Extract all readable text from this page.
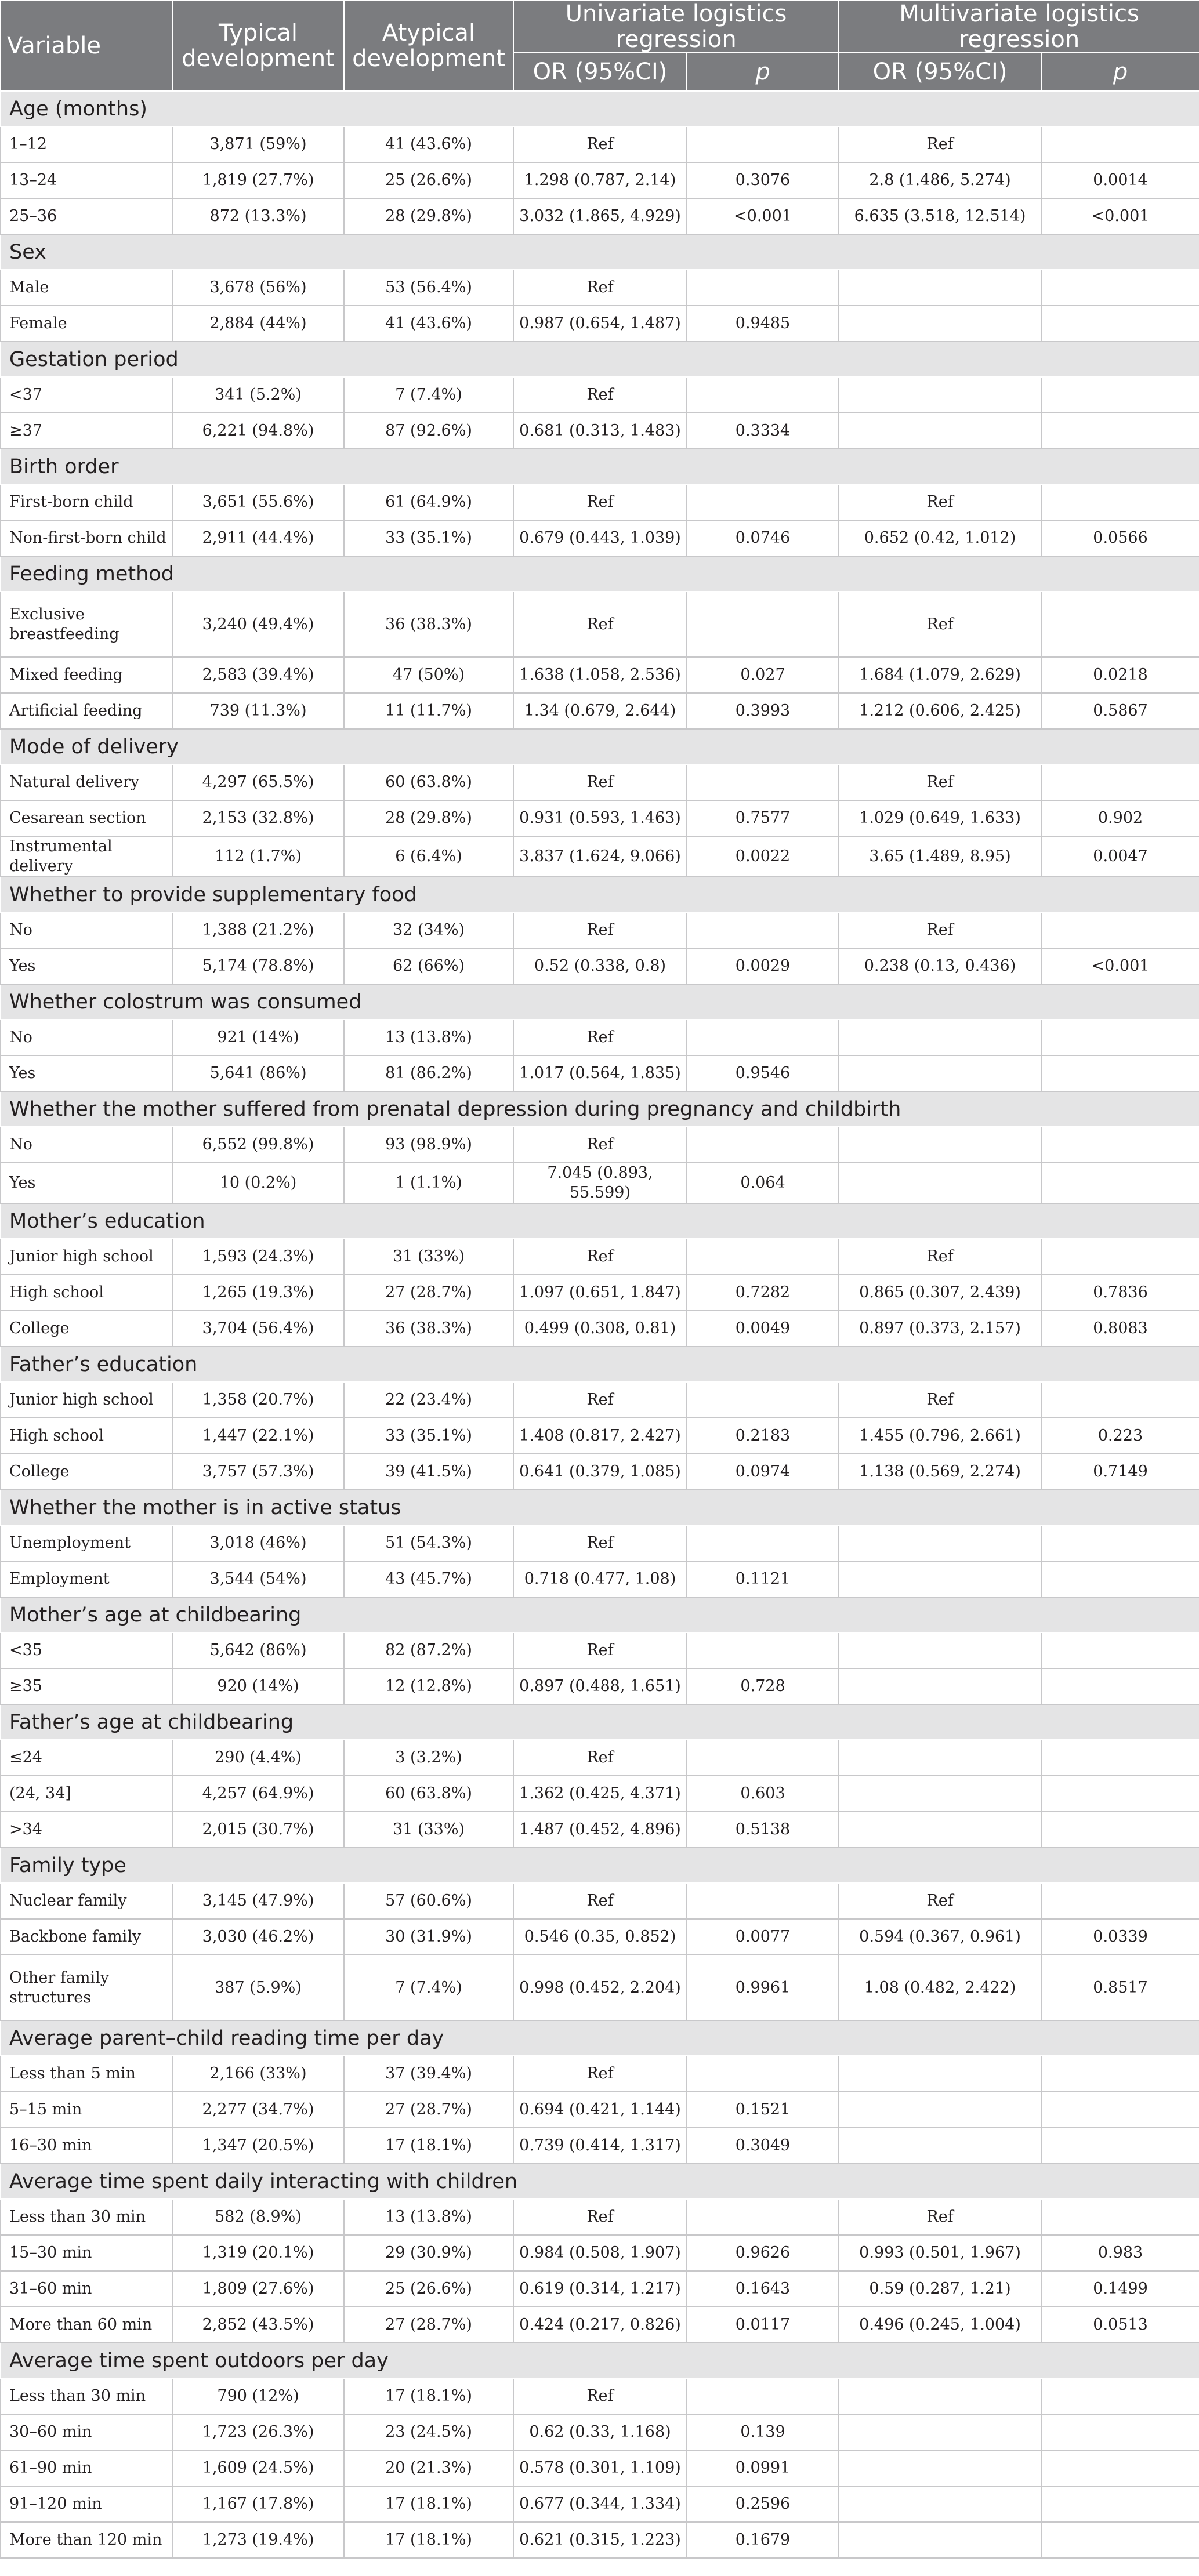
Variable	Typical development	Atypical development	Univariate logistics regression		Multivariate logistics regression	
			OR (95%CI)	p	OR (95%CI)	p
Age (months)						
1–12	3,871 (59%)	41 (43.6%)	Ref		Ref	
13–24	1,819 (27.7%)	25 (26.6%)	1.298 (0.787, 2.14)	0.3076	2.8 (1.486, 5.274)	0.0014
25–36	872 (13.3%)	28 (29.8%)	3.032 (1.865, 4.929)	<0.001	6.635 (3.518, 12.514)	<0.001
Sex						
Male	3,678 (56%)	53 (56.4%)	Ref			
Female	2,884 (44%)	41 (43.6%)	0.987 (0.654, 1.487)	0.9485		
Gestation period						
<37	341 (5.2%)	7 (7.4%)	Ref			
≥37	6,221 (94.8%)	87 (92.6%)	0.681 (0.313, 1.483)	0.3334		
Birth order						
First-born child	3,651 (55.6%)	61 (64.9%)	Ref		Ref	
Non-first-born child	2,911 (44.4%)	33 (35.1%)	0.679 (0.443, 1.039)	0.0746	0.652 (0.42, 1.012)	0.0566
Feeding method						
Exclusive breastfeeding	3,240 (49.4%)	36 (38.3%)	Ref		Ref	
Mixed feeding	2,583 (39.4%)	47 (50%)	1.638 (1.058, 2.536)	0.027	1.684 (1.079, 2.629)	0.0218
Artificial feeding	739 (11.3%)	11 (11.7%)	1.34 (0.679, 2.644)	0.3993	1.212 (0.606, 2.425)	0.5867
Mode of delivery						
Natural delivery	4,297 (65.5%)	60 (63.8%)	Ref		Ref	
Cesarean section	2,153 (32.8%)	28 (29.8%)	0.931 (0.593, 1.463)	0.7577	1.029 (0.649, 1.633)	0.902
Instrumental delivery	112 (1.7%)	6 (6.4%)	3.837 (1.624, 9.066)	0.0022	3.65 (1.489, 8.95)	0.0047
Whether to provide supplementary food						
No	1,388 (21.2%)	32 (34%)	Ref		Ref	
Yes	5,174 (78.8%)	62 (66%)	0.52 (0.338, 0.8)	0.0029	0.238 (0.13, 0.436)	<0.001
Whether colostrum was consumed						
No	921 (14%)	13 (13.8%)	Ref			
Yes	5,641 (86%)	81 (86.2%)	1.017 (0.564, 1.835)	0.9546		
Whether the mother suffered from prenatal depression during pregnancy and childbirth						
No	6,552 (99.8%)	93 (98.9%)	Ref			
Yes	10 (0.2%)	1 (1.1%)	7.045 (0.893, 55.599)	0.064		
Mother’s education						
Junior high school	1,593 (24.3%)	31 (33%)	Ref		Ref	
High school	1,265 (19.3%)	27 (28.7%)	1.097 (0.651, 1.847)	0.7282	0.865 (0.307, 2.439)	0.7836
College	3,704 (56.4%)	36 (38.3%)	0.499 (0.308, 0.81)	0.0049	0.897 (0.373, 2.157)	0.8083
Father’s education						
Junior high school	1,358 (20.7%)	22 (23.4%)	Ref		Ref	
High school	1,447 (22.1%)	33 (35.1%)	1.408 (0.817, 2.427)	0.2183	1.455 (0.796, 2.661)	0.223
College	3,757 (57.3%)	39 (41.5%)	0.641 (0.379, 1.085)	0.0974	1.138 (0.569, 2.274)	0.7149
Whether the mother is in active status						
Unemployment	3,018 (46%)	51 (54.3%)	Ref			
Employment	3,544 (54%)	43 (45.7%)	0.718 (0.477, 1.08)	0.1121		
Mother’s age at childbearing						
<35	5,642 (86%)	82 (87.2%)	Ref			
≥35	920 (14%)	12 (12.8%)	0.897 (0.488, 1.651)	0.728		
Father’s age at childbearing						
≤24	290 (4.4%)	3 (3.2%)	Ref			
(24, 34]	4,257 (64.9%)	60 (63.8%)	1.362 (0.425, 4.371)	0.603		
>34	2,015 (30.7%)	31 (33%)	1.487 (0.452, 4.896)	0.5138		
Family type						
Nuclear family	3,145 (47.9%)	57 (60.6%)	Ref		Ref	
Backbone family	3,030 (46.2%)	30 (31.9%)	0.546 (0.35, 0.852)	0.0077	0.594 (0.367, 0.961)	0.0339
Other family structures	387 (5.9%)	7 (7.4%)	0.998 (0.452, 2.204)	0.9961	1.08 (0.482, 2.422)	0.8517
Average parent–child reading time per day						
Less than 5 min	2,166 (33%)	37 (39.4%)	Ref			
5–15 min	2,277 (34.7%)	27 (28.7%)	0.694 (0.421, 1.144)	0.1521		
16–30 min	1,347 (20.5%)	17 (18.1%)	0.739 (0.414, 1.317)	0.3049		
Average time spent daily interacting with children						
Less than 30 min	582 (8.9%)	13 (13.8%)	Ref		Ref	
15–30 min	1,319 (20.1%)	29 (30.9%)	0.984 (0.508, 1.907)	0.9626	0.993 (0.501, 1.967)	0.983
31–60 min	1,809 (27.6%)	25 (26.6%)	0.619 (0.314, 1.217)	0.1643	0.59 (0.287, 1.21)	0.1499
More than 60 min	2,852 (43.5%)	27 (28.7%)	0.424 (0.217, 0.826)	0.0117	0.496 (0.245, 1.004)	0.0513
Average time spent outdoors per day						
Less than 30 min	790 (12%)	17 (18.1%)	Ref			
30–60 min	1,723 (26.3%)	23 (24.5%)	0.62 (0.33, 1.168)	0.139		
61–90 min	1,609 (24.5%)	20 (21.3%)	0.578 (0.301, 1.109)	0.0991		
91–120 min	1,167 (17.8%)	17 (18.1%)	0.677 (0.344, 1.334)	0.2596		
More than 120 min	1,273 (19.4%)	17 (18.1%)	0.621 (0.315, 1.223)	0.1679		
